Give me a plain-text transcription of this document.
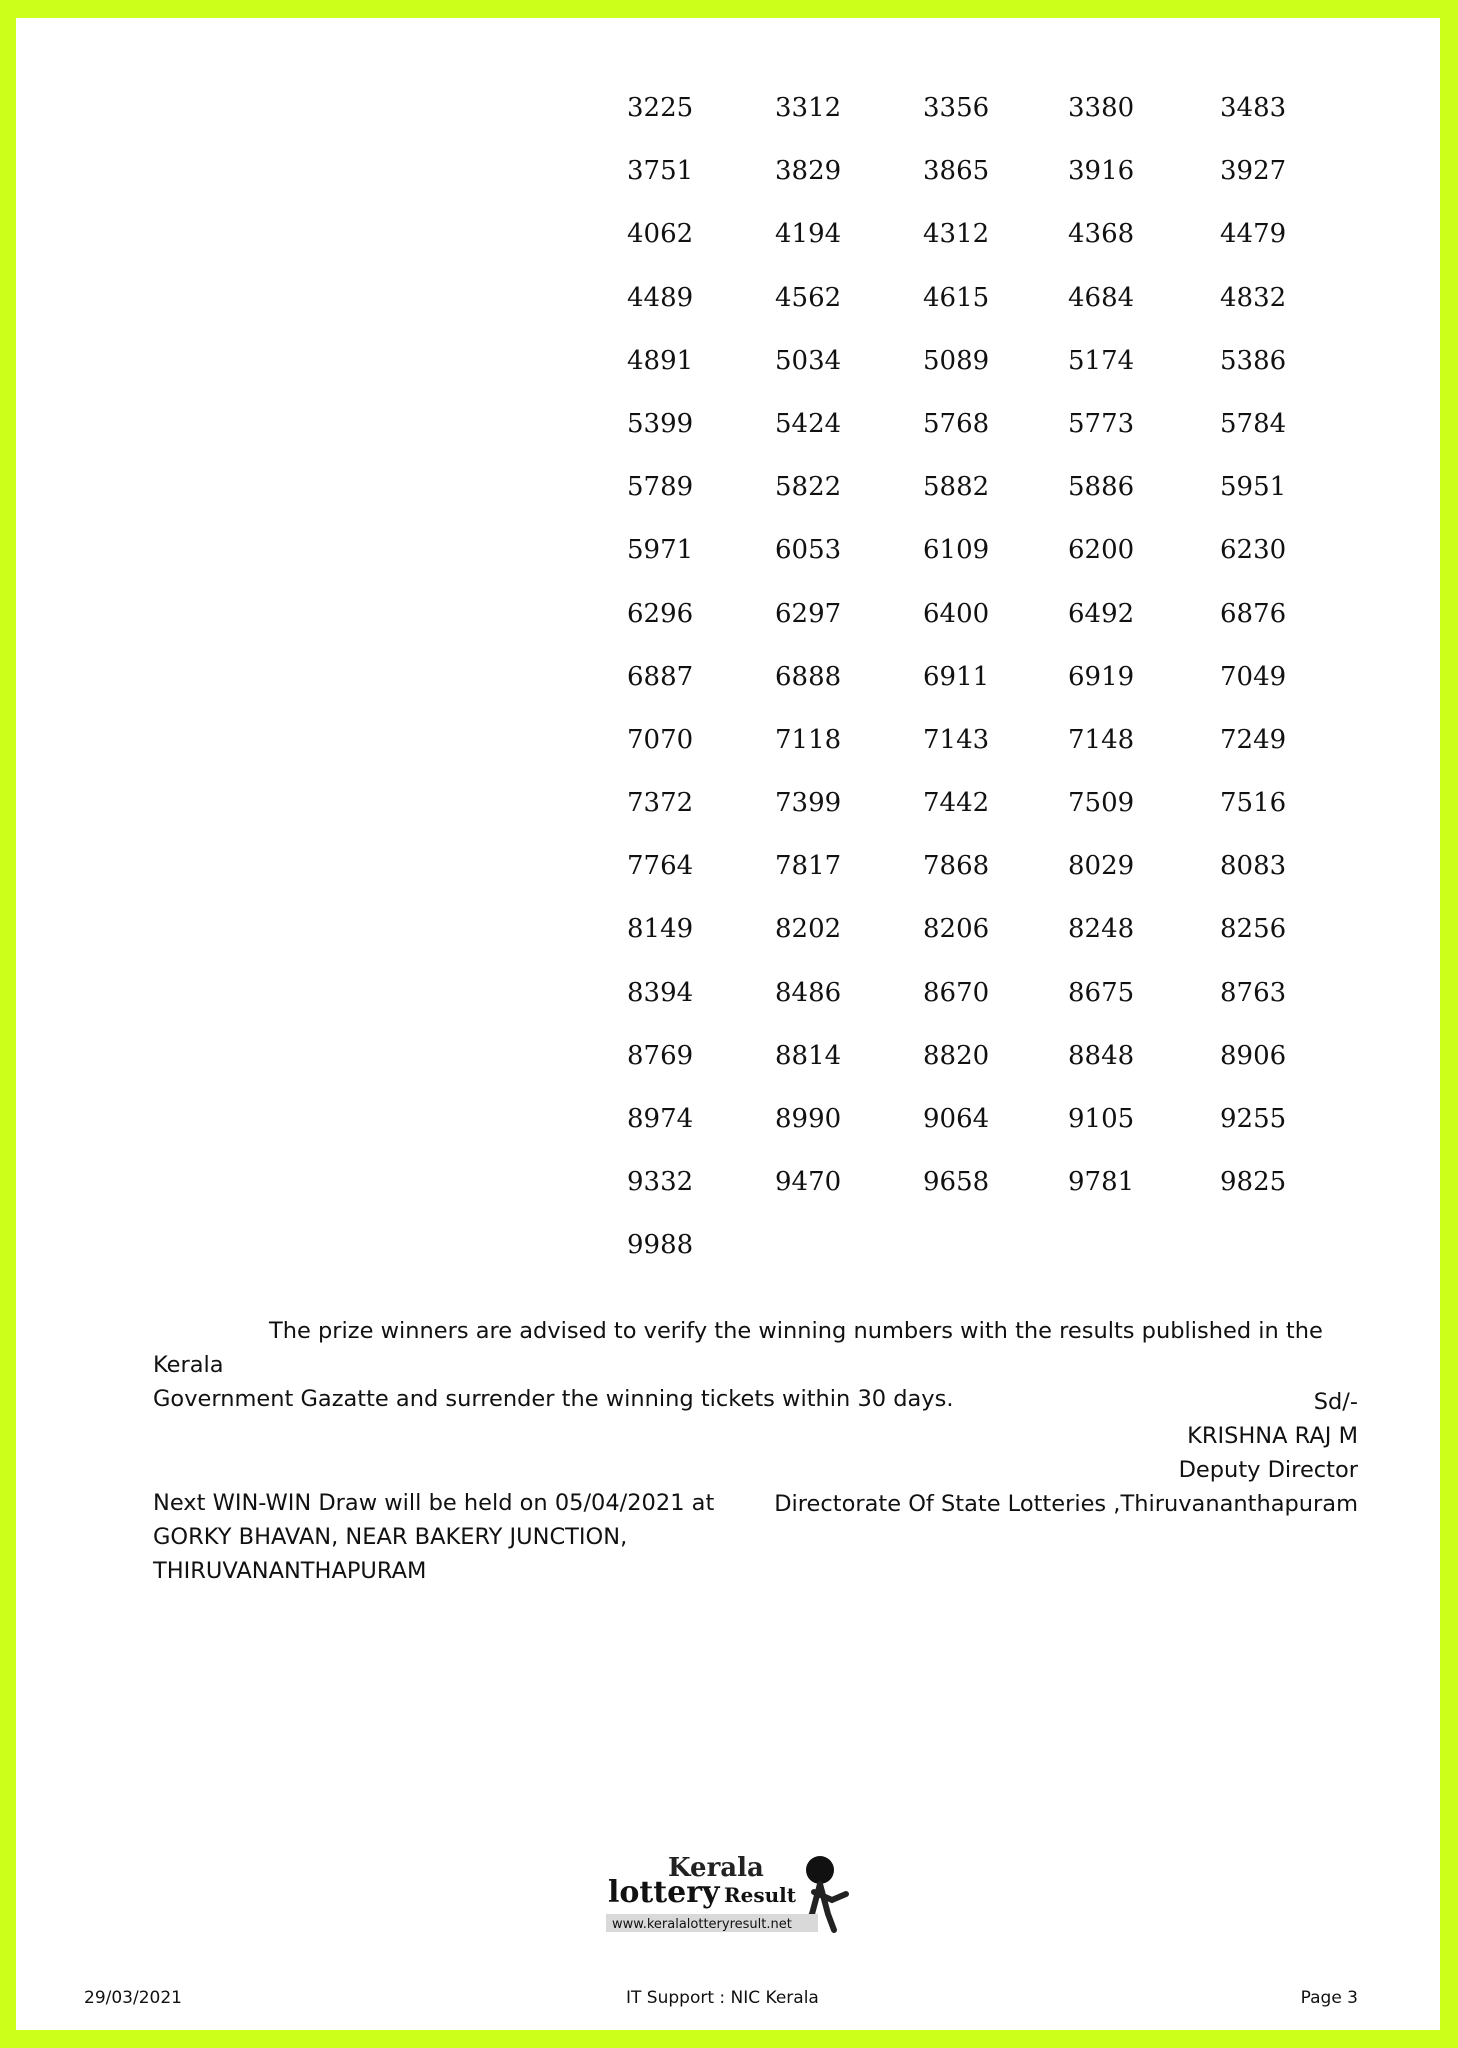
3225	3312	3356	3380	3483
3751	3829	3865	3916	3927
4062	4194	4312	4368	4479
4489	4562	4615	4684	4832
4891	5034	5089	5174	5386
5399	5424	5768	5773	5784
5789	5822	5882	5886	5951
5971	6053	6109	6200	6230
6296	6297	6400	6492	6876
6887	6888	6911	6919	7049
7070	7118	7143	7148	7249
7372	7399	7442	7509	7516
7764	7817	7868	8029	8083
8149	8202	8206	8248	8256
8394	8486	8670	8675	8763
8769	8814	8820	8848	8906
8974	8990	9064	9105	9255
9332	9470	9658	9781	9825
9988
The prize winners are advised to verify the winning numbers with the results published in the Kerala
Government Gazatte and surrender the winning tickets within 30 days.	Sd/-
KRISHNA RAJ M
Deputy Director
Directorate Of State Lotteries ,Thiruvananthapuram
Next WIN-WIN Draw will be held on 05/04/2021 at
GORKY BHAVAN, NEAR BAKERY JUNCTION,
THIRUVANANTHAPURAM
Kerala
lottery Result
www.keralalotteryresult.net
29/03/2021	IT Support : NIC Kerala	Page 3
